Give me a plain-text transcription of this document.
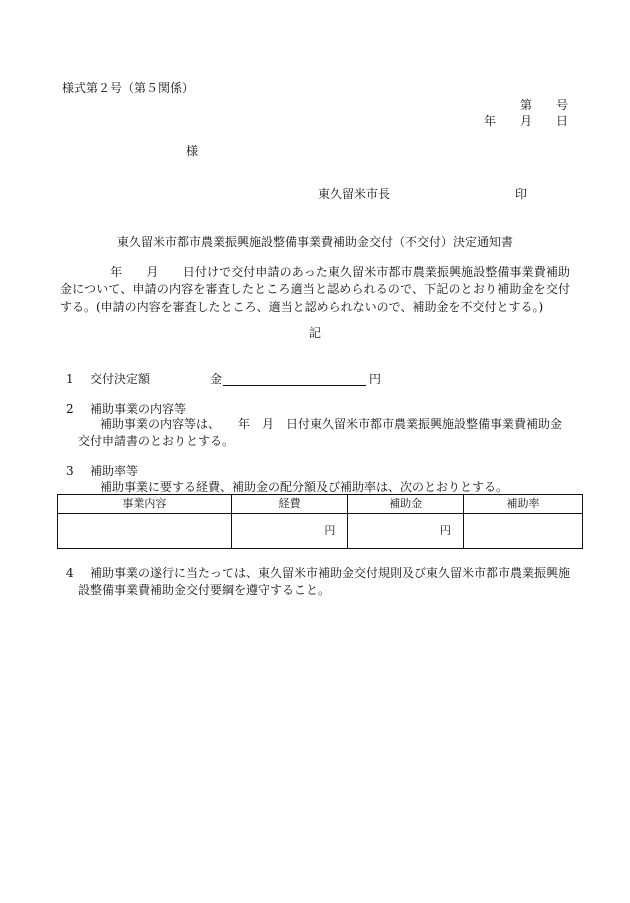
様式第２号（第５関係）
第　　号
年　　月　　日
様
東久留米市長	印
東久留米市都市農業振興施設整備事業費補助金交付（不交付）決定通知書
年　　月　　日付けで交付申請のあった東久留米市都市農業振興施設整備事業費補助金について、申請の内容を審査したところ適当と認められるので、下記のとおり補助金を交付する。(申請の内容を審査したところ、適当と認められないので、補助金を不交付とする。)
記
1 交付決定額	金	円
2 補助事業の内容等
補助事業の内容等は、　　年　月　日付東久留米市都市農業振興施設整備事業費補助金交付申請書のとおりとする。
3 補助率等
補助事業に要する経費、補助金の配分額及び補助率は、次のとおりとする。
事業内容	経費	補助金	補助率
	円	円	
4	補助事業の遂行に当たっては、東久留米市補助金交付規則及び東久留米市都市農業振興施設整備事業費補助金交付要綱を遵守すること。
